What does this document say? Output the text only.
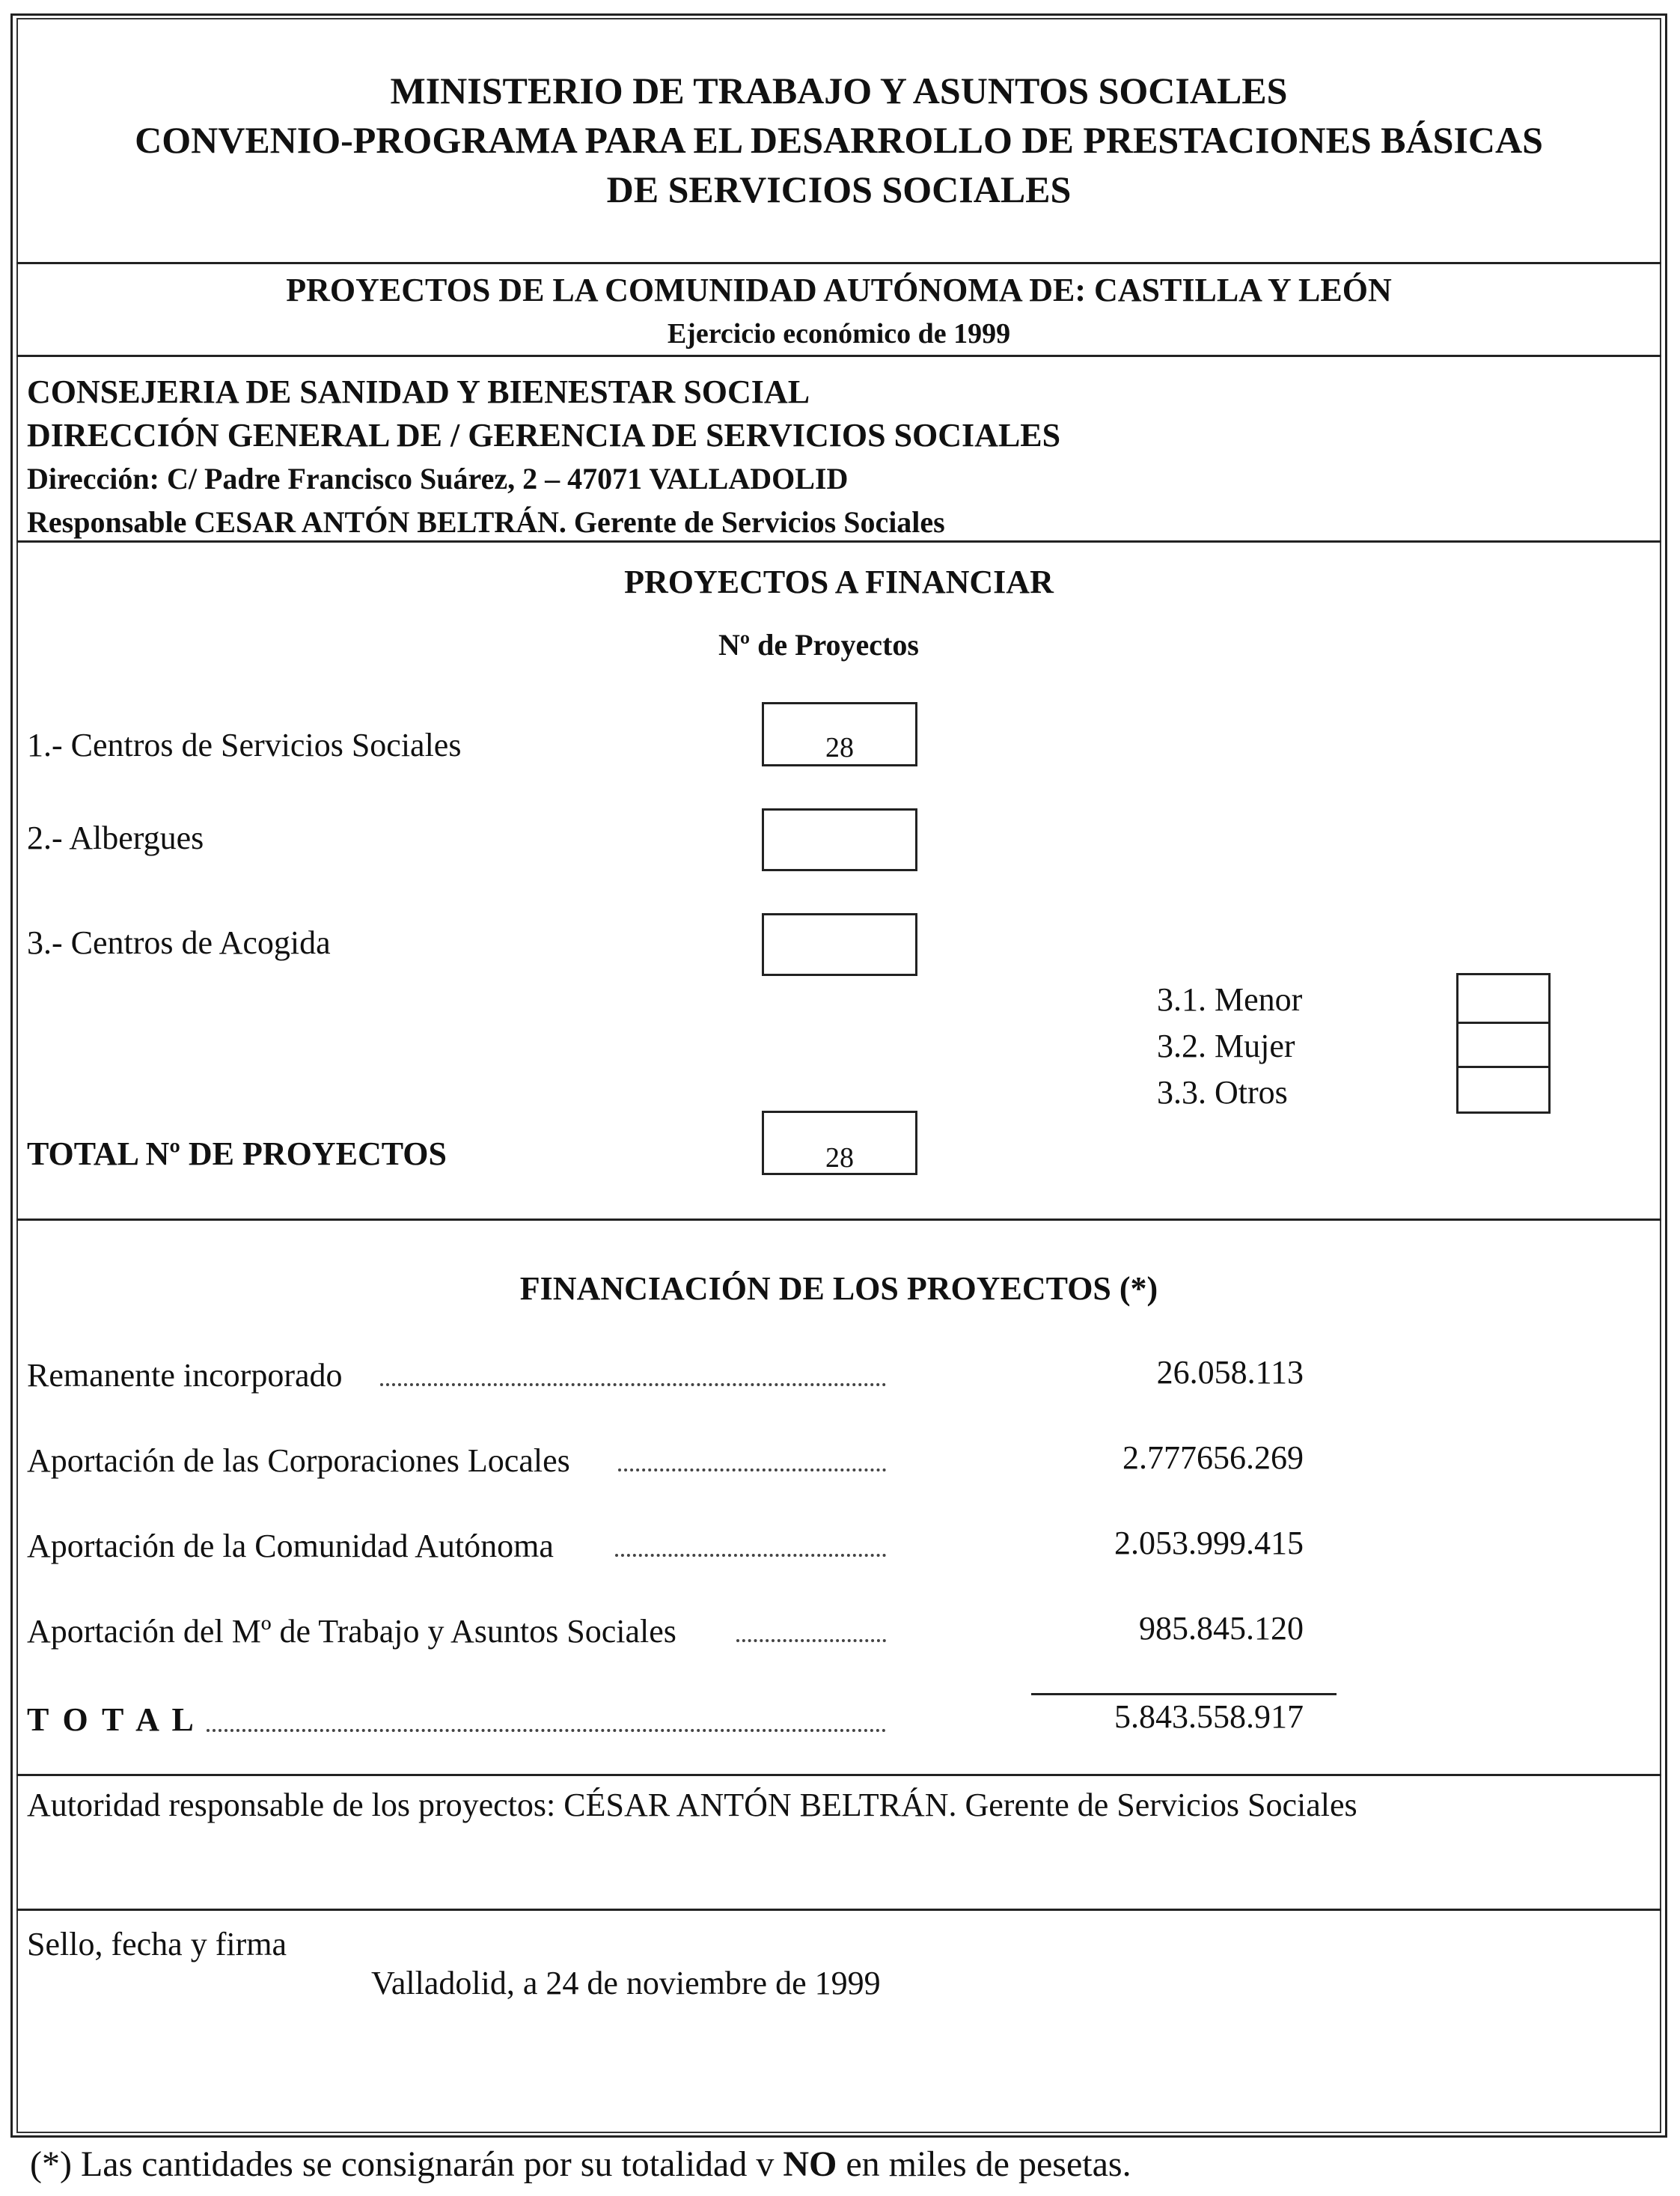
MINISTERIO DE TRABAJO Y ASUNTOS SOCIALES
CONVENIO-PROGRAMA PARA EL DESARROLLO DE PRESTACIONES BÁSICAS
DE SERVICIOS SOCIALES
PROYECTOS DE LA COMUNIDAD AUTÓNOMA DE: CASTILLA Y LEÓN
Ejercicio económico de 1999
CONSEJERIA DE SANIDAD Y BIENESTAR SOCIAL
DIRECCIÓN GENERAL DE / GERENCIA DE SERVICIOS SOCIALES
Dirección: C/ Padre Francisco Suárez, 2 – 47071 VALLADOLID
Responsable CESAR ANTÓN BELTRÁN. Gerente de Servicios Sociales
PROYECTOS A FINANCIAR
Nº de Proyectos
1.- Centros de Servicios Sociales	28
2.- Albergues
3.- Centros de Acogida
3.1. Menor
3.2. Mujer
3.3. Otros
TOTAL Nº DE PROYECTOS	28
FINANCIACIÓN DE LOS PROYECTOS (*)
Remanente incorporado	26.058.113
Aportación de las Corporaciones Locales	2.777656.269
Aportación de la Comunidad Autónoma	2.053.999.415
Aportación del Mº de Trabajo y Asuntos Sociales	985.845.120
T O T A L	5.843.558.917
Autoridad responsable de los proyectos: CÉSAR ANTÓN BELTRÁN. Gerente de Servicios Sociales
Sello, fecha y firma
Valladolid, a 24 de noviembre de 1999
(*) Las cantidades se consignarán por su totalidad v NO en miles de pesetas.
